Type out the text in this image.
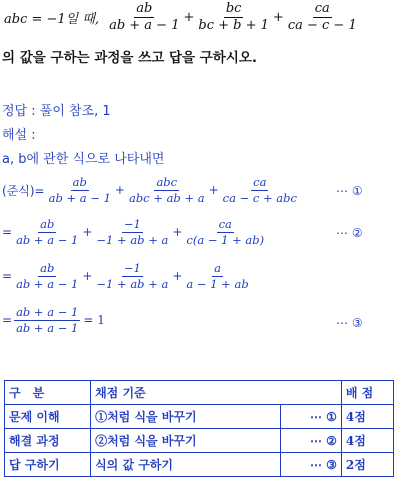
abc = −1일 때, $\frac{ab}{ab + a - 1} + \frac{bc}{bc + b + 1} + \frac{ca}{ca - c - 1}$
의 값을 구하는 과정을 쓰고 답을 구하시오.
정답 : 풀이 참조, 1
해설 :
a, b에 관한 식으로 나타내면
(준식)= $\frac{ab}{ab + a - 1} + \frac{\text{abc}}{\text{abc + ab + a}} + \frac{ca}{\text{ca − c + abc}}$	⋯ ①
= $\frac{ab}{ab + a - 1} + \frac{-1}{-1 + ab + a} + \frac{ca}{c(a - 1 + ab)}$	⋯ ②
= $\frac{ab}{ab + a - 1} + \frac{-1}{-1 + ab + a} + \frac{a}{a - 1 + ab}$
= $\frac{ab + a - 1}{ab + a - 1} = 1$	⋯ ③
구　분	채점 기준		배 점
문제 이해	①처럼 식을 바꾸기	⋯ ①	4점
해결 과정	②처럼 식을 바꾸기	⋯ ②	4점
답 구하기	식의 값 구하기	⋯ ③	2점
